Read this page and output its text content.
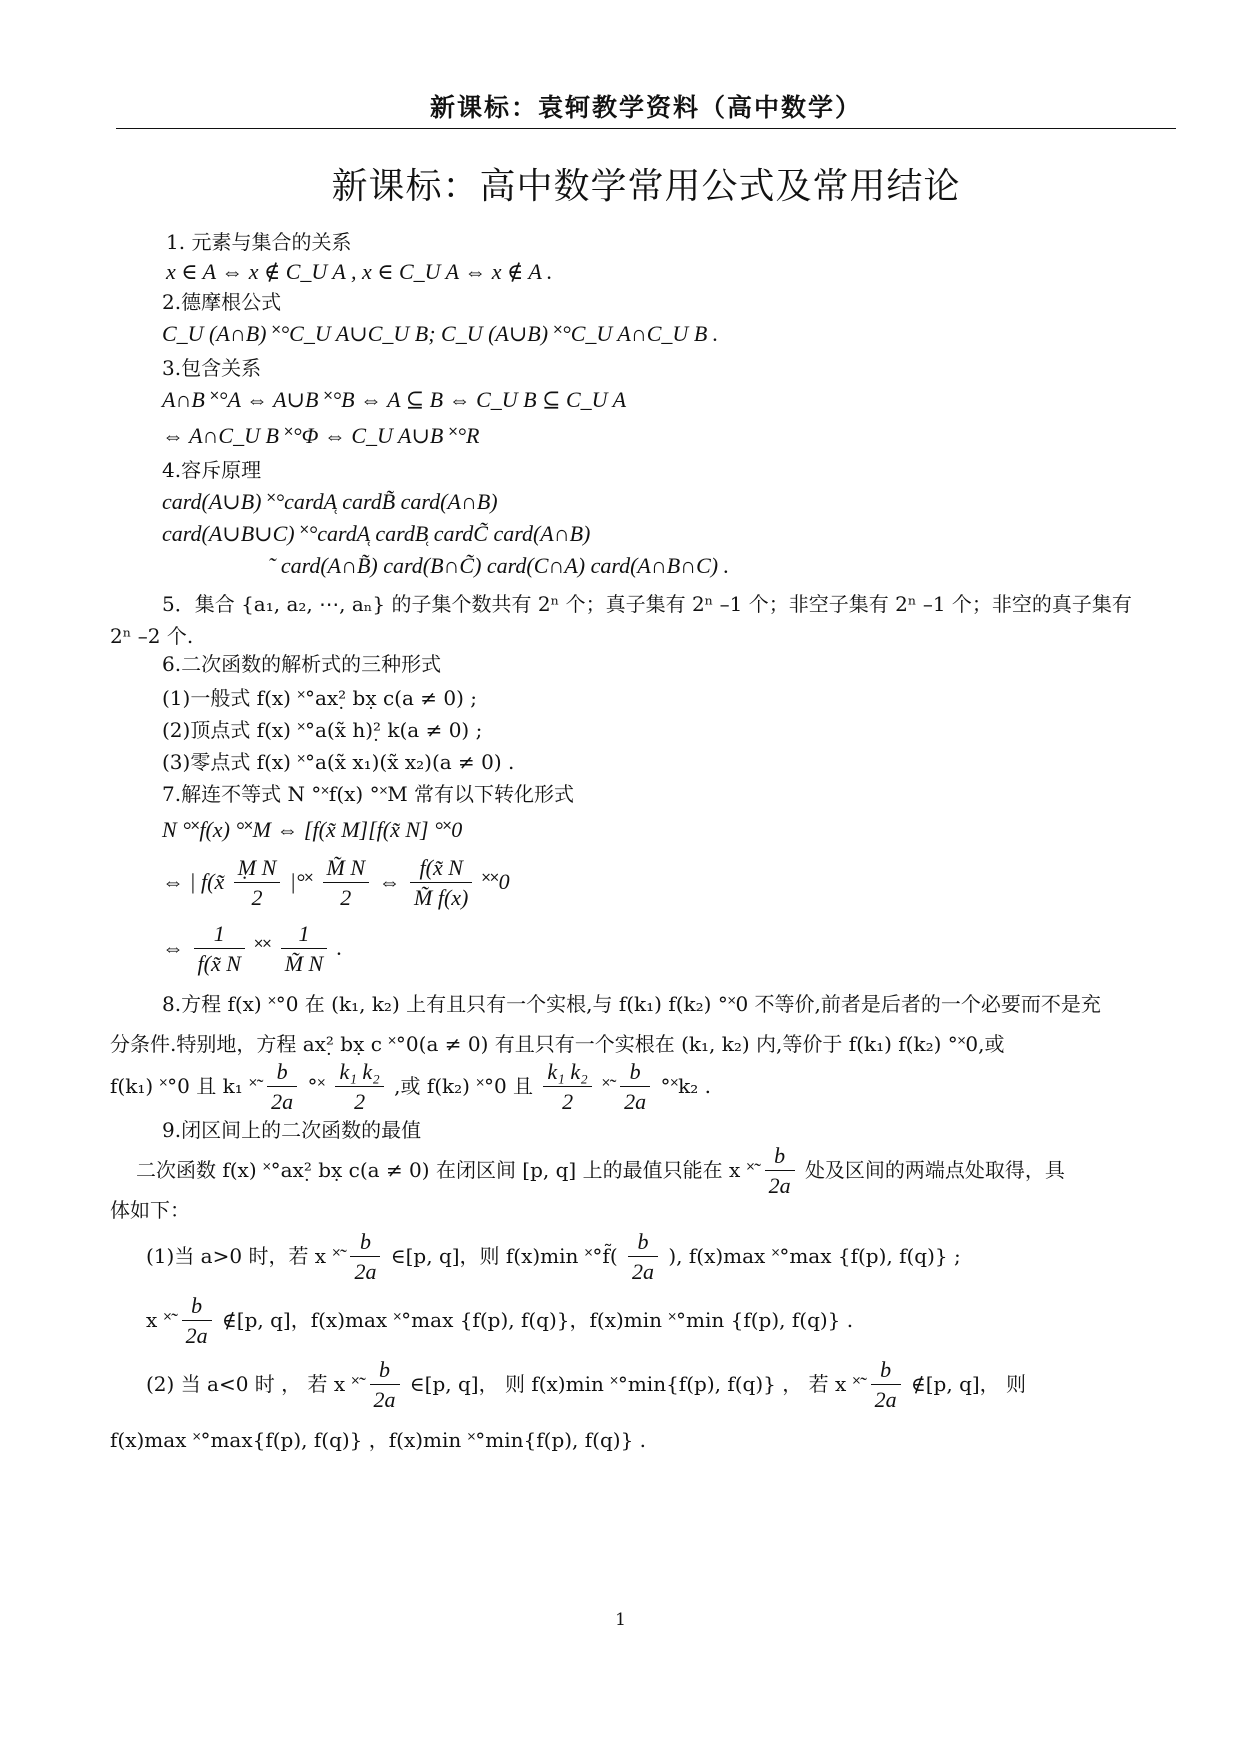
新课标：袁轲教学资料（高中数学）
新课标：高中数学常用公式及常用结论
1. 元素与集合的关系
x ∈ A ⇔ x ∉ C_U A , x ∈ C_U A ⇔ x ∉ A .
2.德摩根公式
C_U (A∩B) ˟°C_U A∪C_U B; C_U (A∪B) ˟°C_U A∩C_U B .
3.包含关系
A∩B ˟°A ⇔ A∪B ˟°B ⇔ A ⊆ B ⇔ C_U B ⊆ C_U A
⇔ A∩C_U B ˟°Φ ⇔ C_U A∪B ˟°R
4.容斥原理
card(A∪B) ˟°cardA̜ cardB̃ card(A∩B)
card(A∪B∪C) ˟°cardA̜ cardB̜ cardC̃ card(A∩B)
˜ card(A∩B̃) card(B∩C̃) card(C∩A) card(A∩B∩C) .
5．集合 {a₁, a₂, ⋯, aₙ} 的子集个数共有 2ⁿ 个；真子集有 2ⁿ –1 个；非空子集有 2ⁿ –1 个；非空的真子集有
2ⁿ –2 个.
6.二次函数的解析式的三种形式
(1)一般式 f(x) ˟°ax²̣ bx̣ c(a ≠ 0) ;
(2)顶点式 f(x) ˟°a(x̃ h)²̣ k(a ≠ 0) ;
(3)零点式 f(x) ˟°a(x̃ x₁)(x̃ x₂)(a ≠ 0) .
7.解连不等式 N °˟f(x) °˟M 常有以下转化形式
N °˟f(x) °˟M ⇔ [f(x̃ M][f(x̃ N] °˟0
⇔ | f(x̃ $\frac{\text{Ṃ N}}{2}$ |°˟ $\frac{M̃ N}{2}$ ⇔ $\frac{f(x̃ N}{M̃ f(x)}$ ˟˟0
⇔ $\frac{1}{f(x̃ N}$ ˟˟ $\frac{1}{M̃ N}$ .
8.方程 f(x) ˟°0 在 (k₁, k₂) 上有且只有一个实根,与 f(k₁) f(k₂) °˟0 不等价,前者是后者的一个必要而不是充
分条件.特别地，方程 ax²̣ bx̣ c ˟°0(a ≠ 0) 有且只有一个实根在 (k₁, k₂) 内,等价于 f(k₁) f(k₂) °˟0,或
f(k₁) ˟°0 且 k₁ ˟̃ $\frac{b}{2a}$ °˟ $\frac{\text{k₁ k₂}}{2}$ ,或 f(k₂) ˟°0 且 $\frac{\text{k₁ k₂}}{2}$ ˟̃ $\frac{b}{2a}$ °˟k₂ .
9.闭区间上的二次函数的最值
二次函数 f(x) ˟°ax²̣ bx̣ c(a ≠ 0) 在闭区间 [p, q] 上的最值只能在 x ˟̃ $\frac{b}{2a}$ 处及区间的两端点处取得，具
体如下：
(1)当 a>0 时，若 x ˟̃ $\frac{b}{2a}$ ∈[p, q]，则 f(x)min ˟°f̃( $\frac{b}{2a}$ ), f(x)max ˟°max {f(p), f(q)} ;
x ˟̃ $\frac{b}{2a}$ ∉[p, q]，f(x)max ˟°max {f(p), f(q)}，f(x)min ˟°min {f(p), f(q)} .
(2) 当 a<0 时 ， 若 x ˟̃ $\frac{b}{2a}$ ∈[p, q]， 则 f(x)min ˟°min{f(p), f(q)} ， 若 x ˟̃ $\frac{b}{2a}$ ∉[p, q]， 则
f(x)max ˟°max{f(p), f(q)} ，f(x)min ˟°min{f(p), f(q)} .
1
